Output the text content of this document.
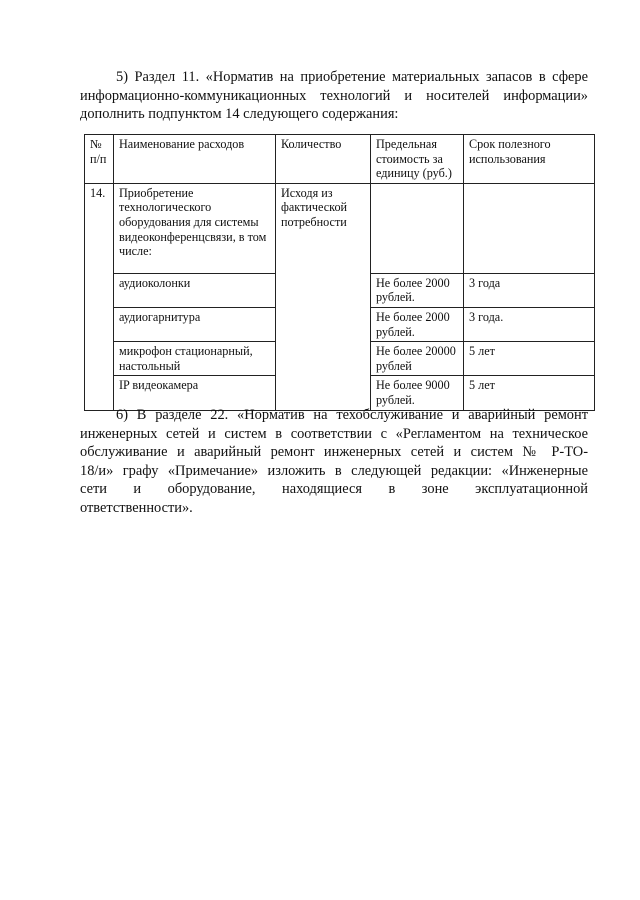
5) Раздел 11. «Норматив на приобретение материальных запасов в сфере
информационно-коммуникационных технологий и носителей информации»
дополнить подпунктом 14 следующего содержания:
№ п/п	Наименование расходов	Количество	Предельная стоимость за единицу (руб.)	Срок полезного использования
14.	Приобретение технологического оборудования для системы видеоконференцсвязи, в том числе:	Исходя из фактической потребности		
	аудиоколонки		Не более 2000 рублей.	3 года
	аудиогарнитура		Не более 2000 рублей.	3 года.
	микрофон стационарный, настольный		Не более 20000 рублей	5 лет
	IP видеокамера		Не более 9000 рублей.	5 лет
6) В разделе 22. «Норматив на техобслуживание и аварийный ремонт
инженерных сетей и систем в соответствии с «Регламентом на техническое
обслуживание и аварийный ремонт инженерных сетей и систем № Р-ТО-
18/и» графу «Примечание» изложить в следующей редакции: «Инженерные
сети и оборудование, находящиеся в зоне эксплуатационной
ответственности».
